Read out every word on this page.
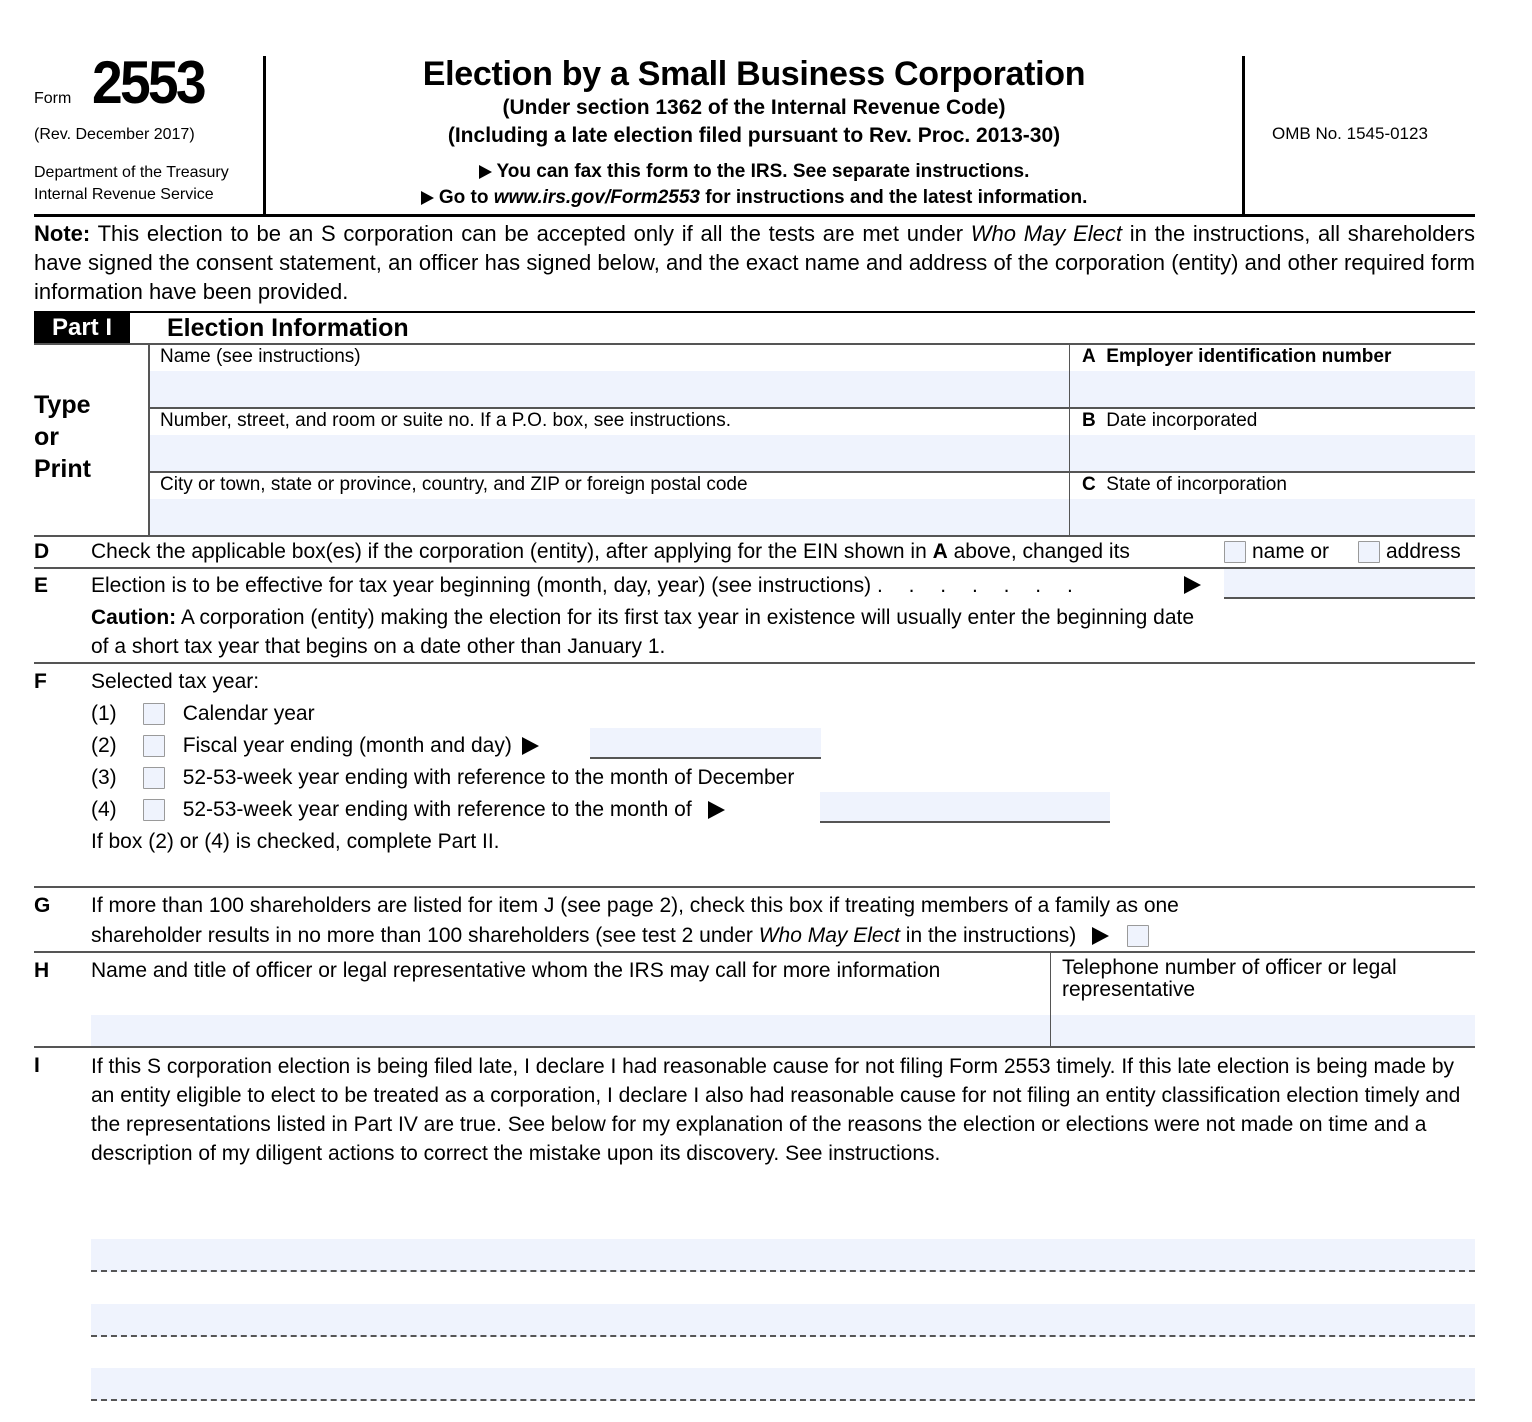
Form 2553
(Rev. December 2017)
Department of the Treasury
Internal Revenue Service
Election by a Small Business Corporation
(Under section 1362 of the Internal Revenue Code)
(Including a late election filed pursuant to Rev. Proc. 2013-30)
You can fax this form to the IRS. See separate instructions.
Go to www.irs.gov/Form2553 for instructions and the latest information.
OMB No. 1545-0123
Note: This election to be an S corporation can be accepted only if all the tests are met under Who May Elect in the instructions, all shareholders have signed the consent statement, an officer has signed below, and the exact name and address of the corporation (entity) and other required form information have been provided.
Part I	Election Information
Type
or
Print
Name (see instructions)	A Employer identification number
Number, street, and room or suite no. If a P.O. box, see instructions.	B Date incorporated
City or town, state or province, country, and ZIP or foreign postal code	C State of incorporation
D Check the applicable box(es) if the corporation (entity), after applying for the EIN shown in A above, changed its	name or	address
E Election is to be effective for tax year beginning (month, day, year) (see instructions) . . . . . . .
Caution: A corporation (entity) making the election for its first tax year in existence will usually enter the beginning date of a short tax year that begins on a date other than January 1.
F Selected tax year:
(1)	Calendar year
(2)	Fiscal year ending (month and day)
(3)	52-53-week year ending with reference to the month of December
(4)	52-53-week year ending with reference to the month of
If box (2) or (4) is checked, complete Part II.
G If more than 100 shareholders are listed for item J (see page 2), check this box if treating members of a family as one
shareholder results in no more than 100 shareholders (see test 2 under Who May Elect in the instructions)
H Name and title of officer or legal representative whom the IRS may call for more information	Telephone number of officer or legal representative
I If this S corporation election is being filed late, I declare I had reasonable cause for not filing Form 2553 timely. If this late election is being made by an entity eligible to elect to be treated as a corporation, I declare I also had reasonable cause for not filing an entity classification election timely and the representations listed in Part IV are true. See below for my explanation of the reasons the election or elections were not made on time and a description of my diligent actions to correct the mistake upon its discovery. See instructions.
